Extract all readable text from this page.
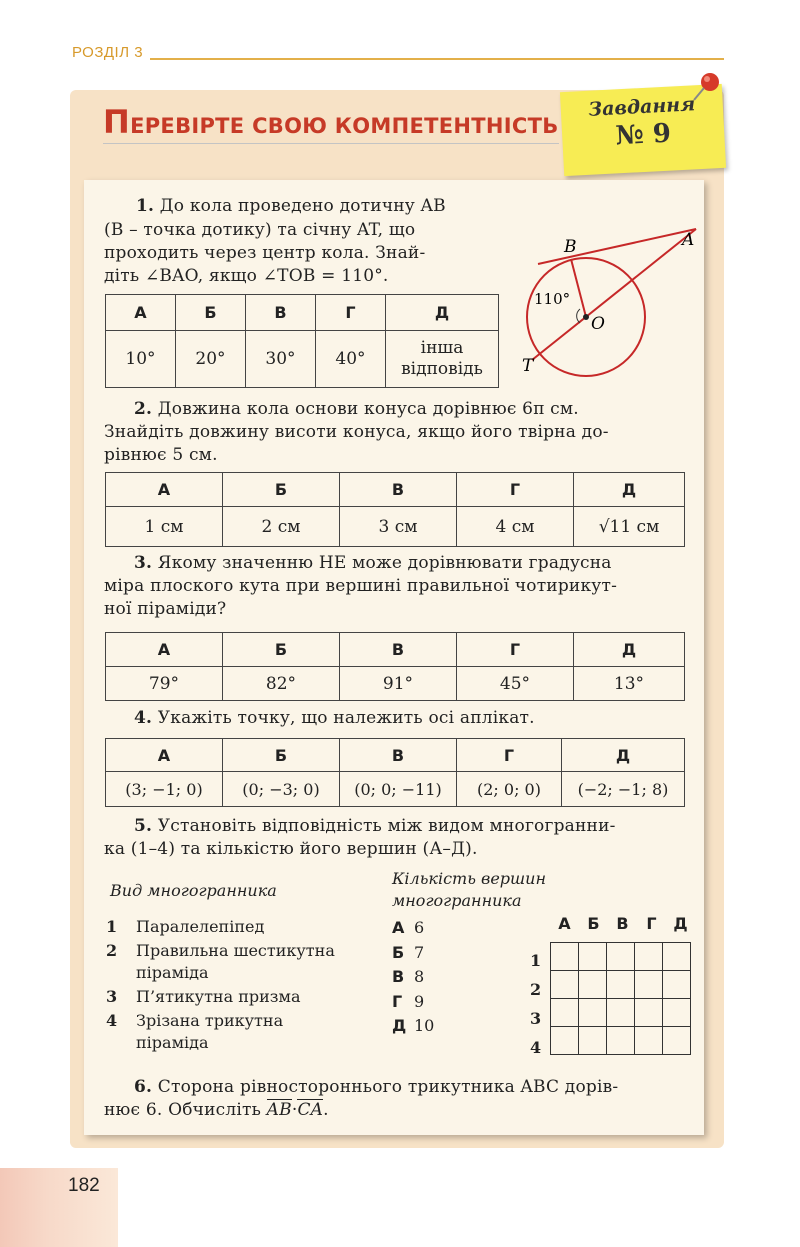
РОЗДІЛ 3
ПЕРЕВІРТЕ СВОЮ КОМПЕТЕНТНІСТЬ
Завдання
№ 9
1. До кола проведено дотичну AB
(B – точка дотику) та січну AT, що
проходить через центр кола. Знай-
діть ∠BAO, якщо ∠TOB = 110°.
А	Б	В	Г	Д
10°	20°	30°	40°	інша відповідь
B	A
O
T
110°
2. Довжина кола основи конуса дорівнює 6π см.
Знайдіть довжину висоти конуса, якщо його твірна до-
рівнює 5 см.
А	Б	В	Г	Д
1 см	2 см	3 см	4 см	√11 см
3. Якому значенню НЕ може дорівнювати градусна
міра плоского кута при вершині правильної чотирикут-
ної піраміди?
А	Б	В	Г	Д
79°	82°	91°	45°	13°
4. Укажіть точку, що належить осі аплікат.
А	Б	В	Г	Д
(3; −1; 0)	(0; −3; 0)	(0; 0; −11)	(2; 0; 0)	(−2; −1; 8)
5. Установіть відповідність між видом многогранни-
ка (1–4) та кількістю його вершин (А–Д).
Вид многогранника
Кількість вершин
многогранника
1	Паралелепіпед
2	Правильна шестикутна
піраміда
3	П’ятикутна призма
4	Зрізана трикутна
піраміда
А 6
Б 7
В 8
Г 9
Д 10
А	Б	В	Г	Д
1
2
3
4

6. Сторона рівностороннього трикутника ABC дорів-
нює 6. Обчисліть AB·CA.
182
